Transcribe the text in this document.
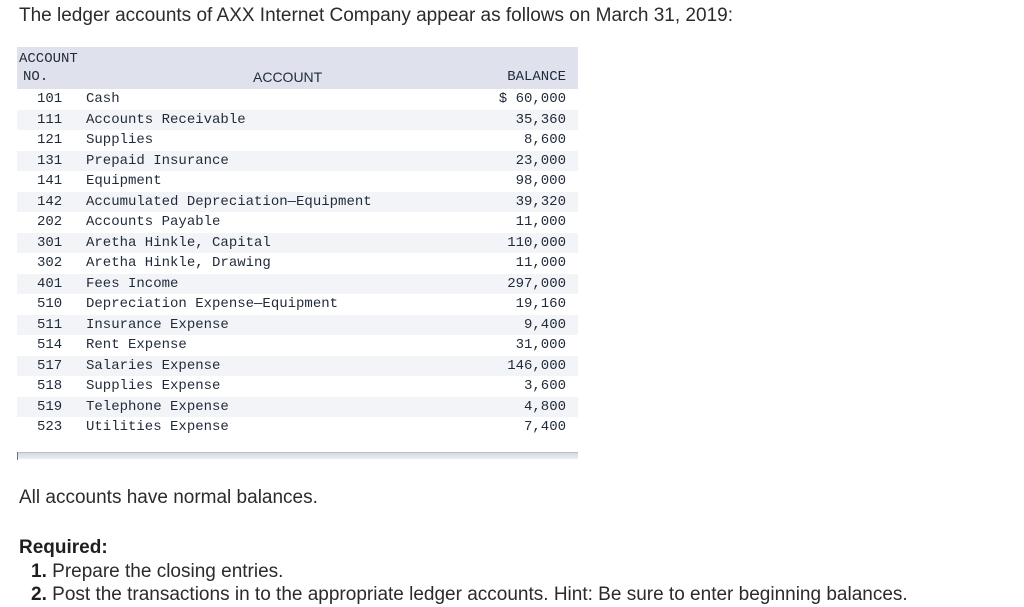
The ledger accounts of AXX Internet Company appear as follows on March 31, 2019:
ACCOUNT
NO.	ACCOUNT	BALANCE
101 Cash	$ 60,000
111 Accounts Receivable	35,360
121 Supplies	8,600
131 Prepaid Insurance	23,000
141 Equipment	98,000
142 Accumulated Depreciation—Equipment	39,320
202 Accounts Payable	11,000
301 Aretha Hinkle, Capital	110,000
302 Aretha Hinkle, Drawing	11,000
401 Fees Income	297,000
510 Depreciation Expense—Equipment	19,160
511 Insurance Expense	9,400
514 Rent Expense	31,000
517 Salaries Expense	146,000
518 Supplies Expense	3,600
519 Telephone Expense	4,800
523 Utilities Expense	7,400
All accounts have normal balances.
Required:
1. Prepare the closing entries.
2. Post the transactions in to the appropriate ledger accounts. Hint: Be sure to enter beginning balances.
